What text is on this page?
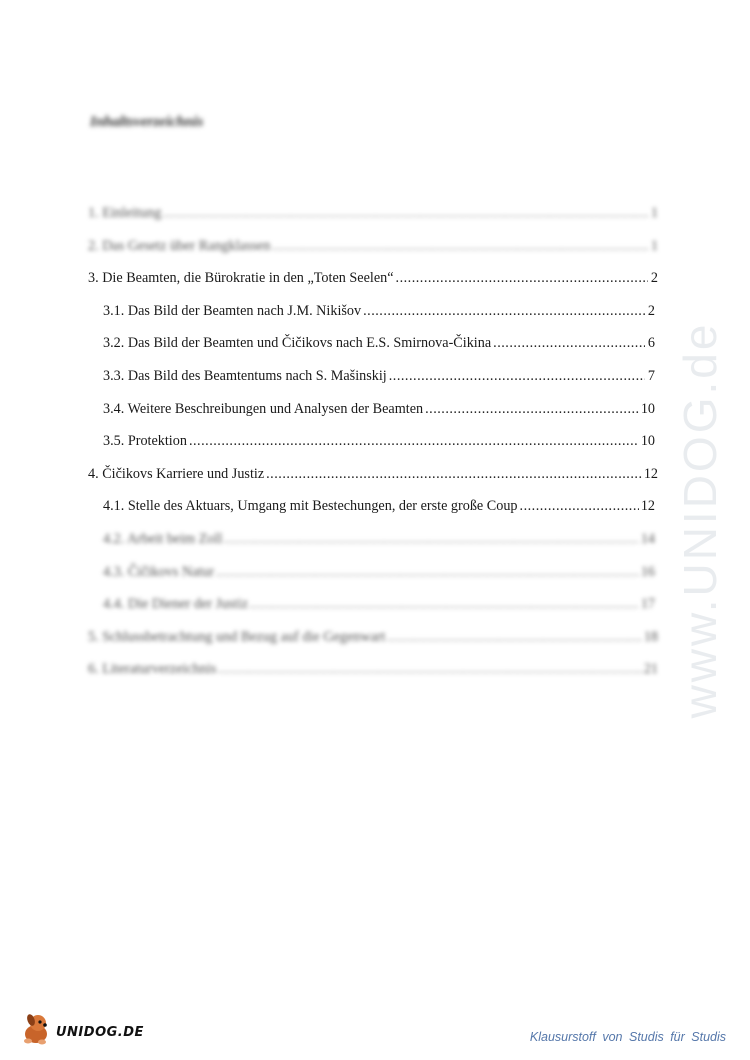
Inhaltsverzeichnis
1. Einleitung .....	1
2. Das Gesetz über Rangklassen .....	1
3. Die Beamten, die Bürokratie in den „Toten Seelen“ .....	2
3.1. Das Bild der Beamten nach J.M. Nikišov .....	2
3.2. Das Bild der Beamten und Čičikovs nach E.S. Smirnova-Čikina .....	6
3.3. Das Bild des Beamtentums nach S. Mašinskij .....	7
3.4. Weitere Beschreibungen und Analysen der Beamten .....	10
3.5. Protektion .....	10
4. Čičikovs Karriere und Justiz .....	12
4.1. Stelle des Aktuars, Umgang mit Bestechungen, der erste große Coup .....	12
4.2. Arbeit beim Zoll .....	14
4.3. Čičikovs Natur .....	16
4.4. Die Diener der Justiz .....	17
5. Schlussbetrachtung und Bezug auf die Gegenwart .....	18
6. Literaturverzeichnis .....	21 www.UNIDOG.de
UNIDOG.DE	Klausurstoff von Studis für Studis
